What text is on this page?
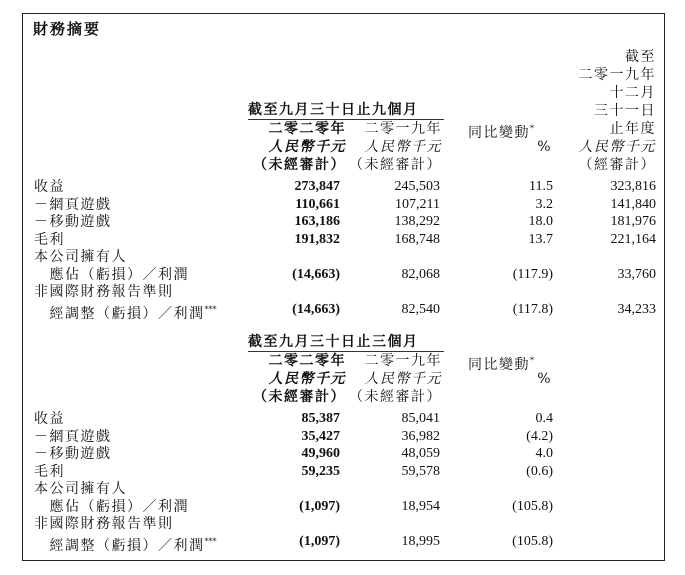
財務摘要
截至九月三十日止九個月
二零二零年
人民幣千元
（未經審計）
二零一九年
人民幣千元
（未經審計）
同比變動*
%
截至
二零一九年
十二月
三十一日
止年度
人民幣千元
（經審計）
收益	273,847	245,503	11.5	323,816
－網頁遊戲	110,661	107,211	3.2	141,840
－移動遊戲	163,186	138,292	18.0	181,976
毛利	191,832	168,748	13.7	221,164
本公司擁有人
　應佔（虧損）／利潤	(14,663)	82,068	(117.9)	33,760
非國際財務報告準則
　經調整（虧損）／利潤***	(14,663)	82,540	(117.8)	34,233
截至九月三十日止三個月
二零二零年
人民幣千元
（未經審計）
二零一九年
人民幣千元
（未經審計）
同比變動*
%
收益	85,387	85,041	0.4
－網頁遊戲	35,427	36,982	(4.2)
－移動遊戲	49,960	48,059	4.0
毛利	59,235	59,578	(0.6)
本公司擁有人
　應佔（虧損）／利潤	(1,097)	18,954	(105.8)
非國際財務報告準則
　經調整（虧損）／利潤***	(1,097)	18,995	(105.8)
